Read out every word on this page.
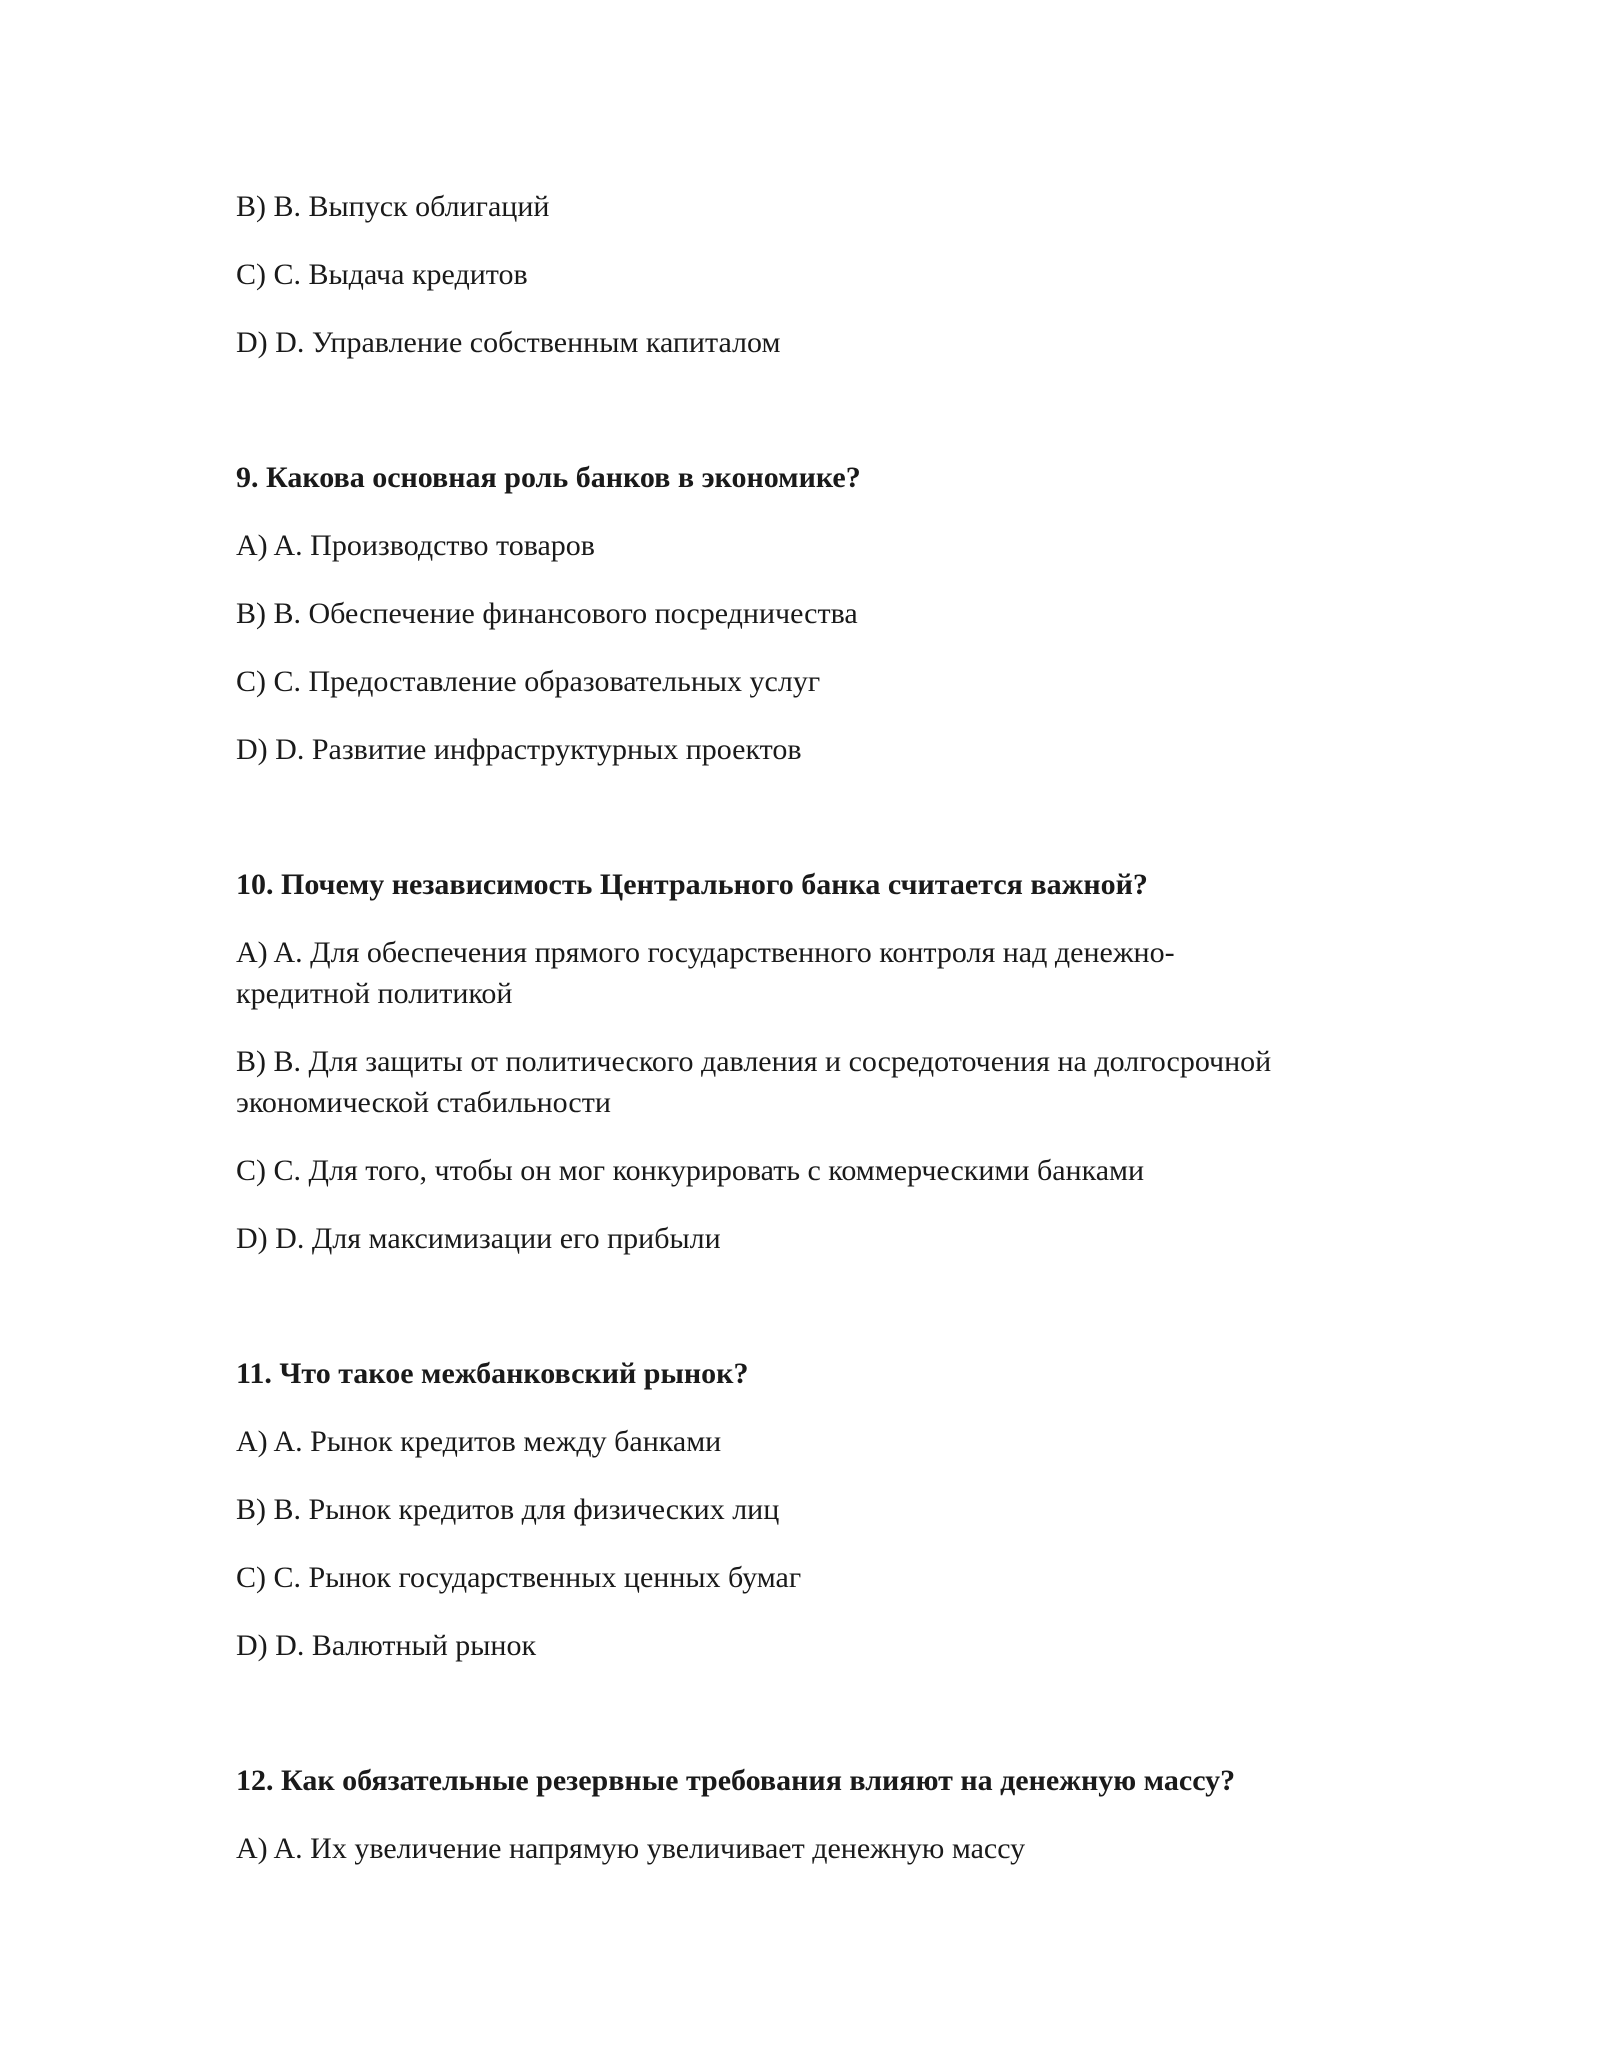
B) B. Выпуск облигаций
C) C. Выдача кредитов
D) D. Управление собственным капиталом
9. Какова основная роль банков в экономике?
A) A. Производство товаров
B) B. Обеспечение финансового посредничества
C) C. Предоставление образовательных услуг
D) D. Развитие инфраструктурных проектов
10. Почему независимость Центрального банка считается важной?
A) A. Для обеспечения прямого государственного контроля над денежно-кредитной политикой
B) B. Для защиты от политического давления и сосредоточения на долгосрочной экономической стабильности
C) C. Для того, чтобы он мог конкурировать с коммерческими банками
D) D. Для максимизации его прибыли
11. Что такое межбанковский рынок?
A) A. Рынок кредитов между банками
B) B. Рынок кредитов для физических лиц
C) C. Рынок государственных ценных бумаг
D) D. Валютный рынок
12. Как обязательные резервные требования влияют на денежную массу?
A) A. Их увеличение напрямую увеличивает денежную массу
